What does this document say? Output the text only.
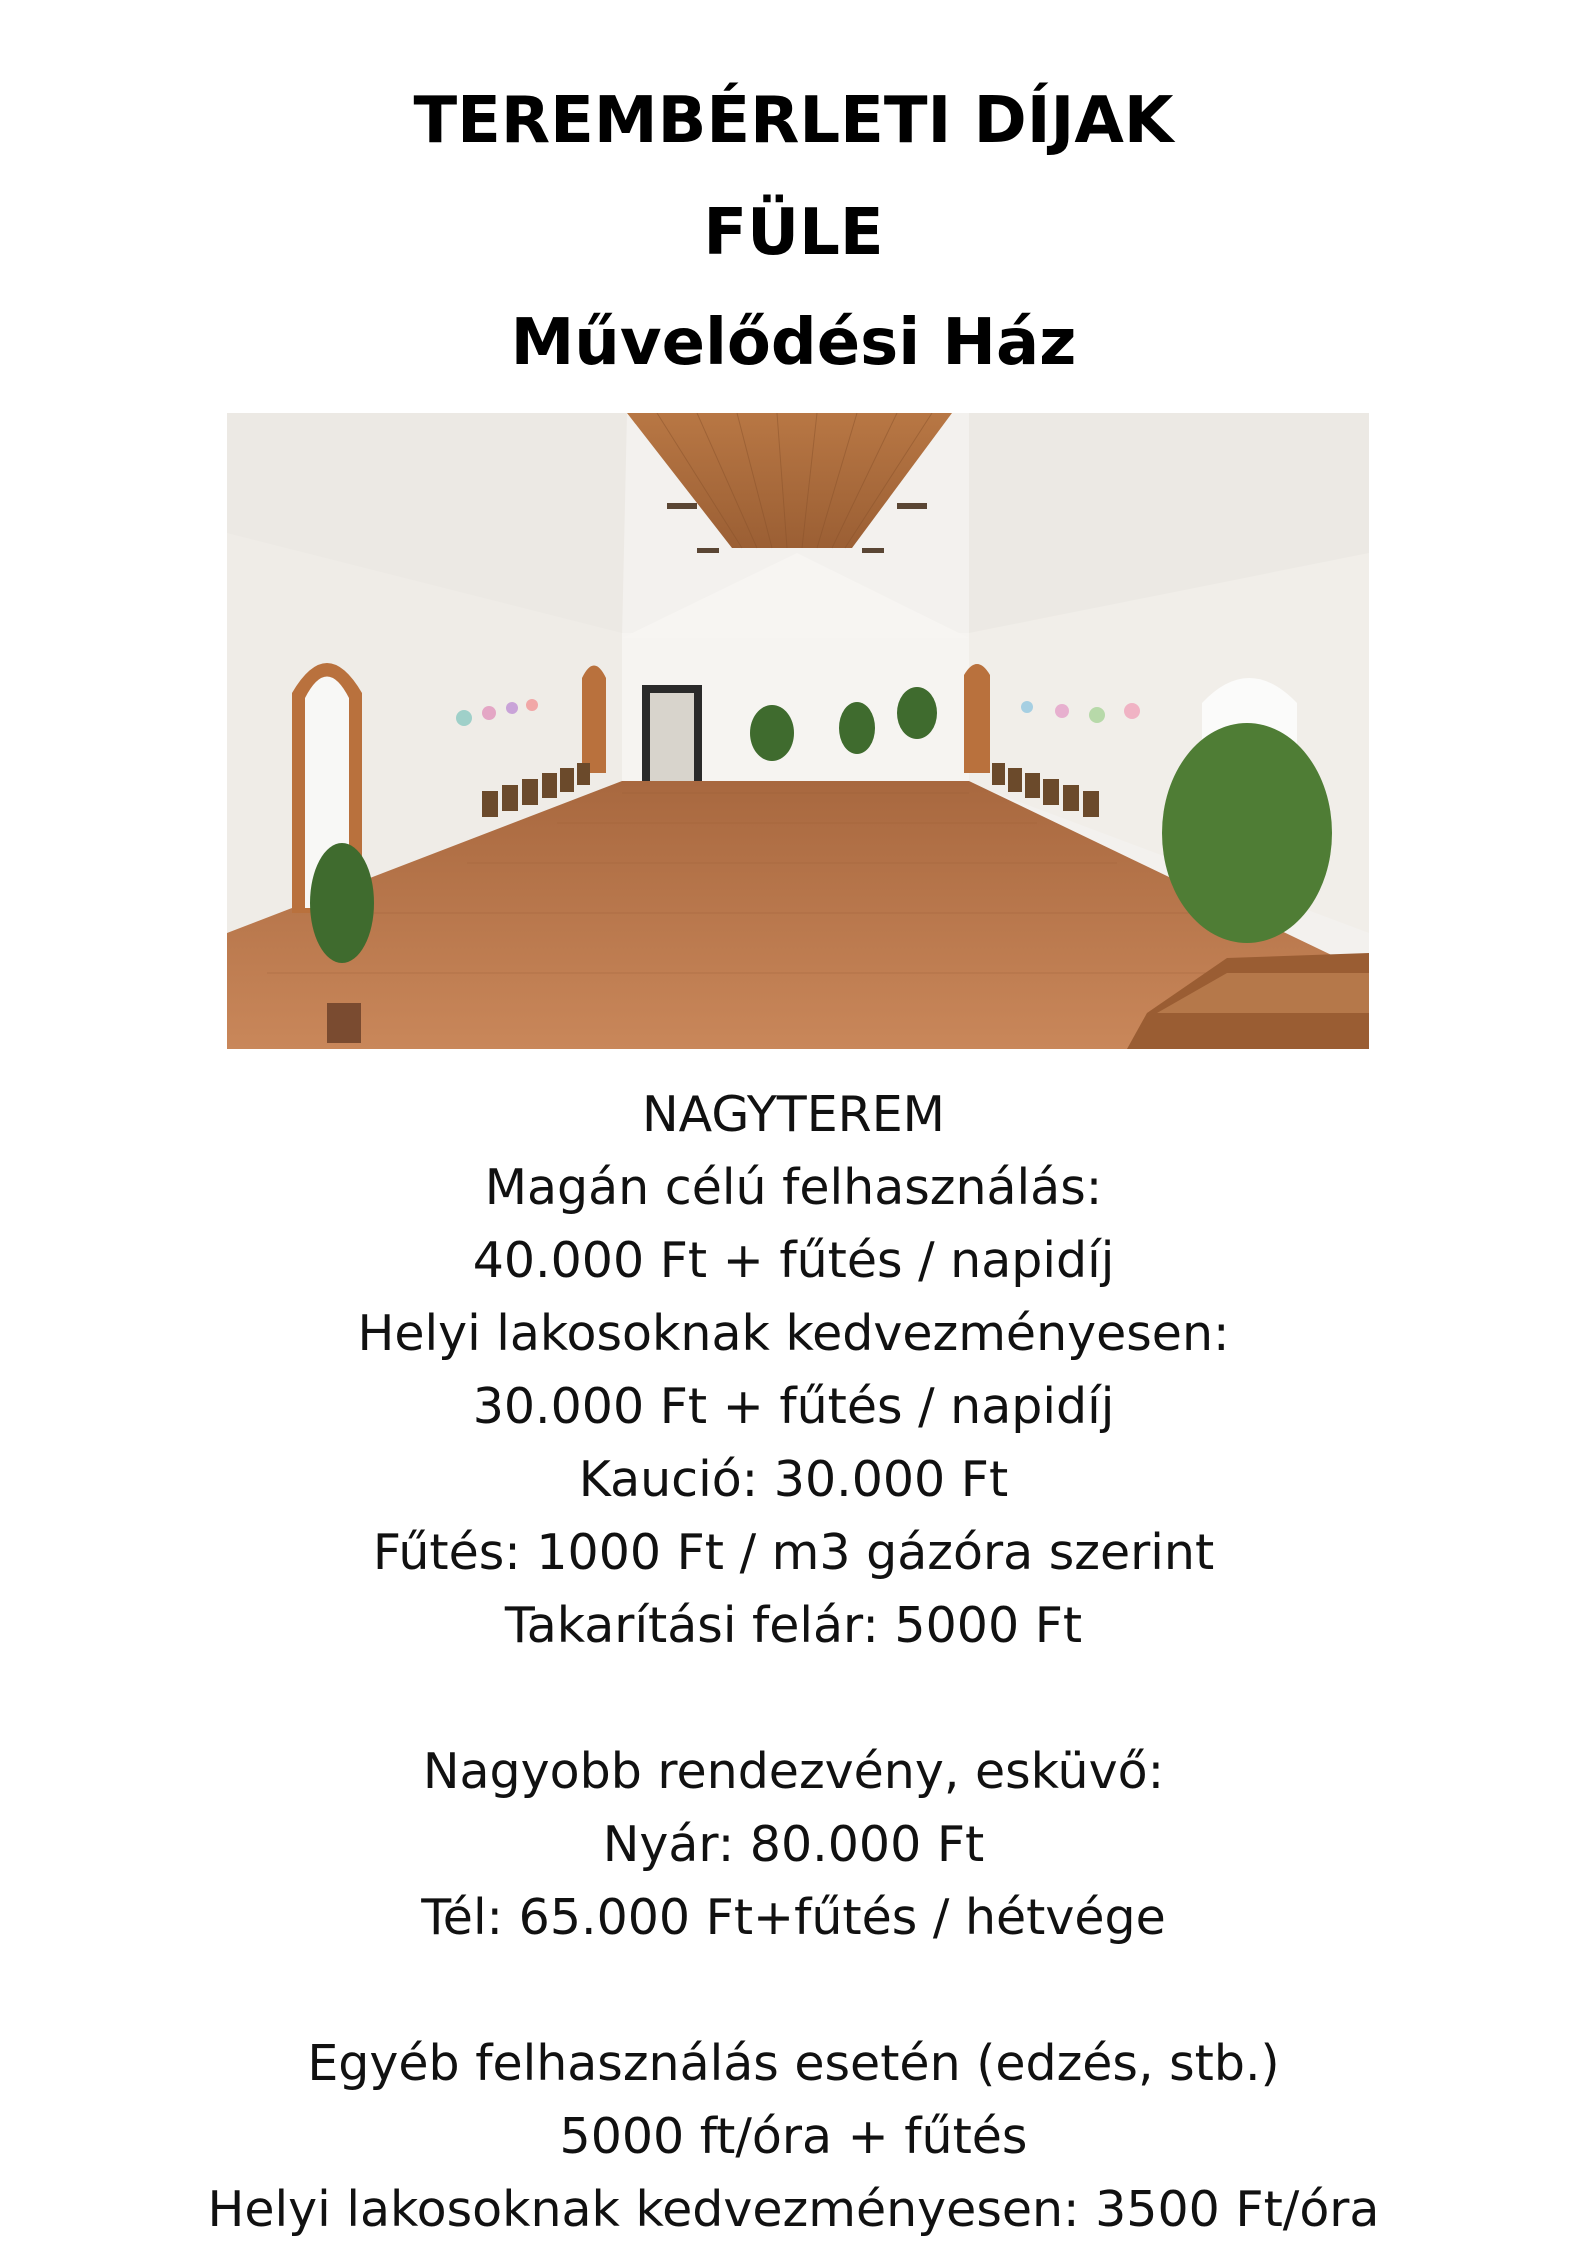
TEREMBÉRLETI DÍJAK
FÜLE
Művelődési Ház
NAGYTEREM
Magán célú felhasználás:
40.000 Ft + fűtés / napidíj
Helyi lakosoknak kedvezményesen:
30.000 Ft + fűtés / napidíj
Kaució: 30.000 Ft
Fűtés: 1000 Ft / m3 gázóra szerint
Takarítási felár: 5000 Ft
Nagyobb rendezvény, esküvő:
Nyár: 80.000 Ft
Tél: 65.000 Ft+fűtés / hétvége
Egyéb felhasználás esetén (edzés, stb.)
5000 ft/óra + fűtés
Helyi lakosoknak kedvezményesen: 3500 Ft/óra
